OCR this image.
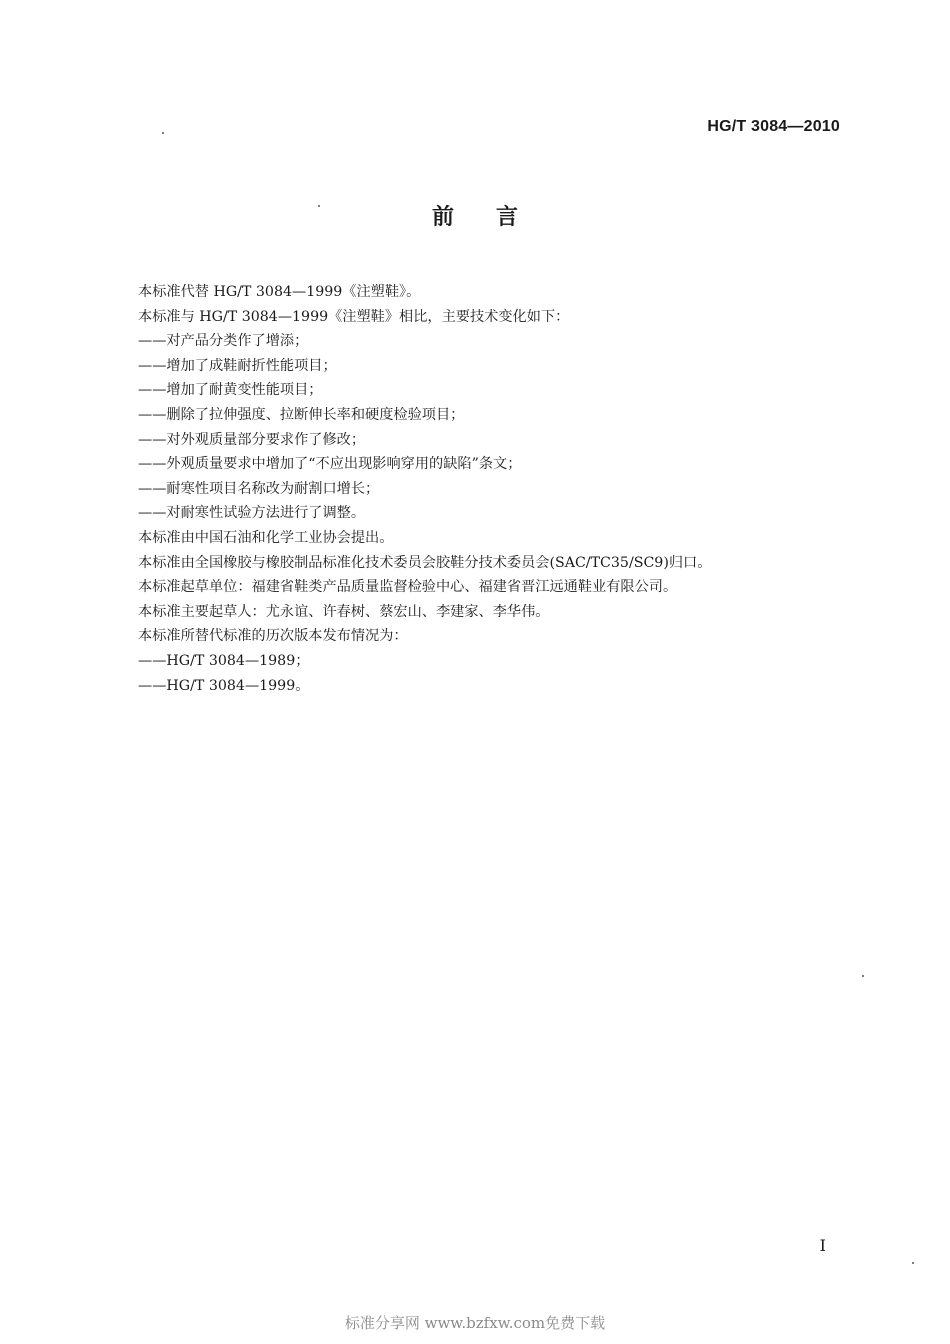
HG/T 3084—2010
前言
本标准代替 HG/T 3084—1999《注塑鞋》。
本标准与 HG/T 3084—1999《注塑鞋》相比，主要技术变化如下：
——对产品分类作了增添；
——增加了成鞋耐折性能项目；
——增加了耐黄变性能项目；
——删除了拉伸强度、拉断伸长率和硬度检验项目；
——对外观质量部分要求作了修改；
——外观质量要求中增加了“不应出现影响穿用的缺陷”条文；
——耐寒性项目名称改为耐割口增长；
——对耐寒性试验方法进行了调整。
本标准由中国石油和化学工业协会提出。
本标准由全国橡胶与橡胶制品标准化技术委员会胶鞋分技术委员会(SAC/TC35/SC9)归口。
本标准起草单位：福建省鞋类产品质量监督检验中心、福建省晋江远通鞋业有限公司。
本标准主要起草人：尤永谊、许春树、蔡宏山、李建家、李华伟。
本标准所替代标准的历次版本发布情况为：
——HG/T 3084—1989；
——HG/T 3084—1999。
I
标准分享网 www.bzfxw.com免费下载
